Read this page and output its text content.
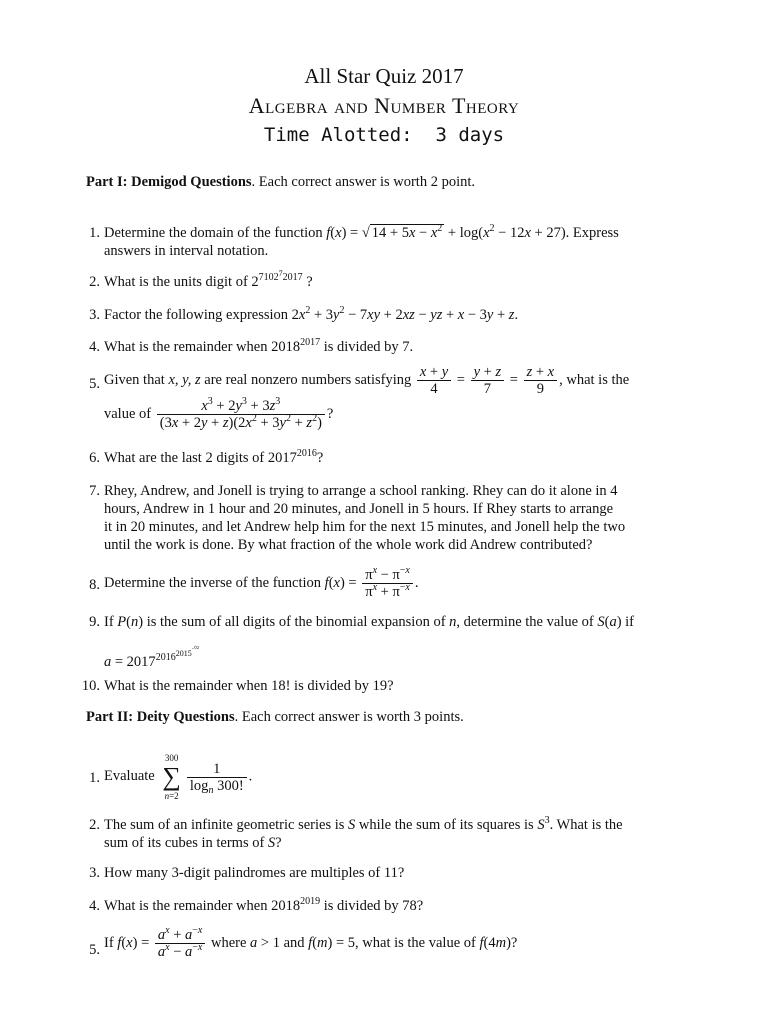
All Star Quiz 2017
Algebra and Number Theory
Time Alotted:  3 days
Part I: Demigod Questions. Each correct answer is worth 2 point.
1. Determine the domain of the function f(x) = √ $14 + 5x - x^2 + \log(x^2 - 12x + 27)$. Express
answers in interval notation.
2. What is the units digit of $2^{7102^72017}$ ?
3. Factor the following expression $2x^2 + 3y^2 - 7xy + 2xz$ − yz + x − 3y + z.
4. What is the remainder when $2018^{2017}$ is divided by 7.
5. Given that x, y, z are real nonzero numbers satisfying $\frac{x + y}{4} = \frac{y + z}{7} = \frac{z + x}{9}$ , what is the
value of $\frac{x^3 + 2y^3 + 3z^3}{(3x + 2y + z)(2x^2 + 3y^2 + z^2)}$ ?
6. What are the last 2 digits of $2017^{2016}$?
7. Rhey, Andrew, and Jonell is trying to arrange a school ranking. Rhey can do it alone in 4
hours, Andrew in 1 hour and 20 minutes, and Jonell in 5 hours. If Rhey starts to arrange
it in 20 minutes, and let Andrew help him for the next 15 minutes, and Jonell help the two
until the work is done. By what fraction of the whole work did Andrew contributed?
8. Determine the inverse of the function $f(x) = \frac{\pi^x - \pi^{-x}}{\pi^x + \pi^{-x}}$ .
9. If P(n) is the sum of all digits of the binomial expansion of n, determine the value of S(a) if
$a = 2017^{2016^{2015\cdot^{02}}}$
10. What is the remainder when 18! is divided by 19?
Part II: Deity Questions. Each correct answer is worth 3 points.
1. Evaluate
300
∑
n=2
$\frac{1}{\log_n 300!}$ .
2. The sum of an infinite geometric series is S while the sum of its squares is $S^3$. What is the
sum of its cubes in terms of S?
3. How many 3-digit palindromes are multiples of 11?
4. What is the remainder when $2018^{2019}$ is divided by 78?
5. If $f(x) = \frac{a^x + a^{-x}}{a^x - a^{-x}}$ where a > 1 and f(m) = 5, what is the value of f(4m)?
